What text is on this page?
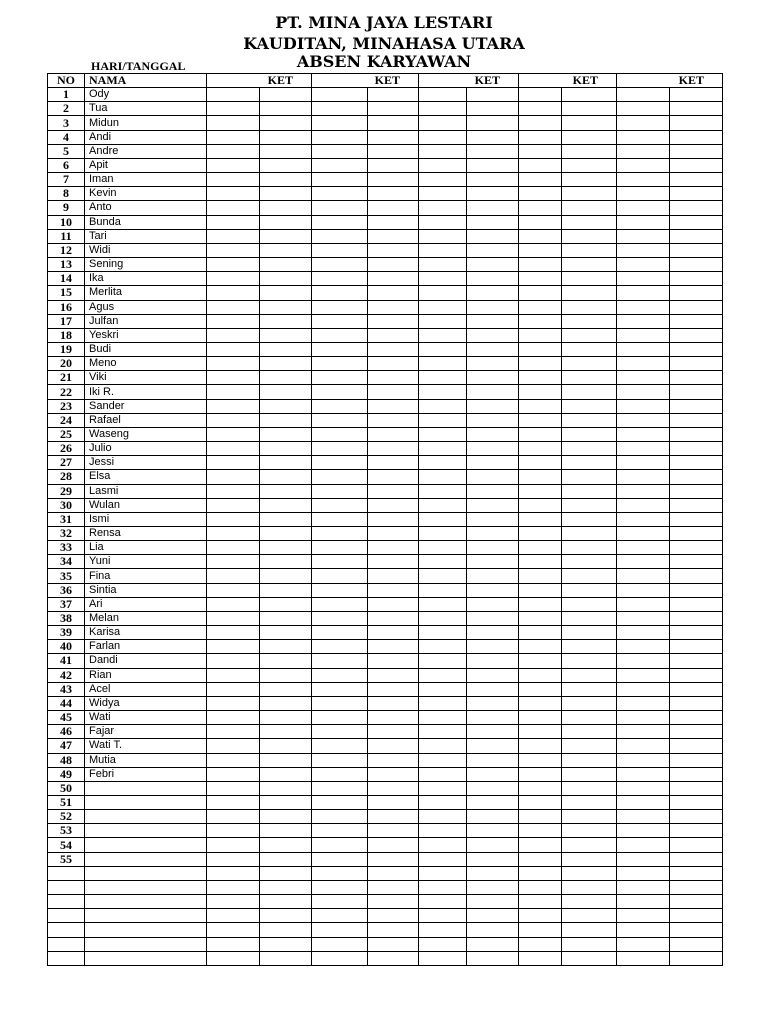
PT. MINA JAYA LESTARI
KAUDITAN, MINAHASA UTARA
ABSEN KARYAWAN
HARI/TANGGAL
NO	NAMA	KET		KET		KET		KET		KET	
1	Ody										
2	Tua										
3	Midun										
4	Andi										
5	Andre										
6	Apit										
7	Iman										
8	Kevin										
9	Anto										
10	Bunda										
11	Tari										
12	Widi										
13	Sening										
14	Ika										
15	Merlita										
16	Agus										
17	Julfan										
18	Yeskri										
19	Budi										
20	Meno										
21	Viki										
22	Iki R.										
23	Sander										
24	Rafael										
25	Waseng										
26	Julio										
27	Jessi										
28	Elsa										
29	Lasmi										
30	Wulan										
31	Ismi										
32	Rensa										
33	Lia										
34	Yuni										
35	Fina										
36	Sintia										
37	Ari										
38	Melan										
39	Karisa										
40	Farlan										
41	Dandi										
42	Rian										
43	Acel										
44	Widya										
45	Wati										
46	Fajar										
47	Wati T.										
48	Mutia										
49	Febri										
50											
51											
52											
53											
54											
55											
